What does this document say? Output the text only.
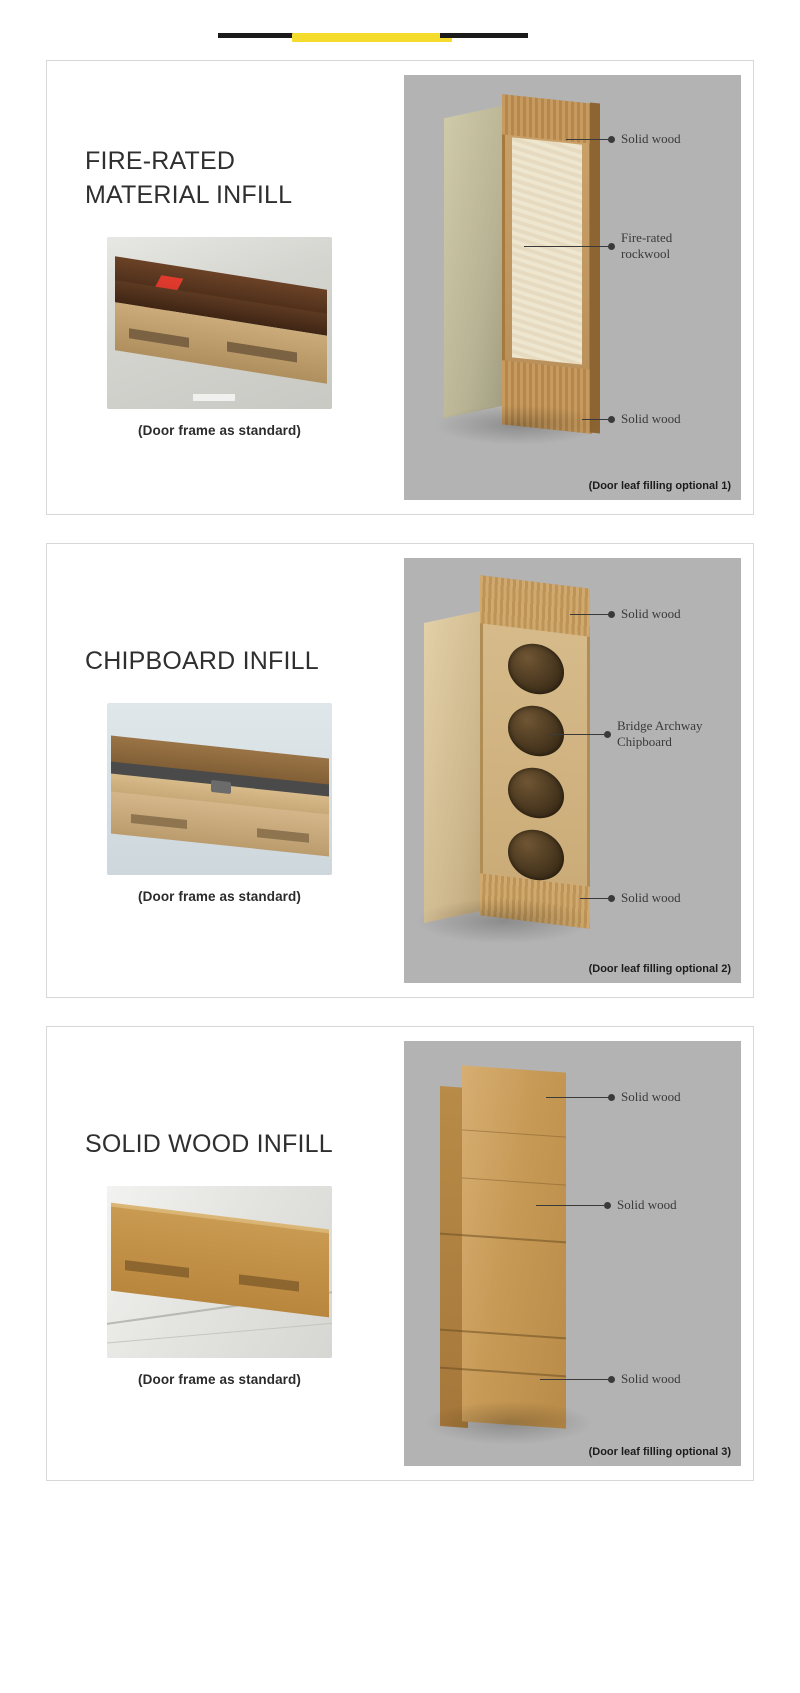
FIRE-RATED
MATERIAL INFILL
(Door frame as standard)
Solid wood
Fire-rated
rockwool
Solid wood
(Door leaf filling optional 1)
CHIPBOARD INFILL
(Door frame as standard)
Solid wood
Bridge Archway
Chipboard
Solid wood
(Door leaf filling optional 2)
SOLID WOOD INFILL
(Door frame as standard)
Solid wood
Solid wood
Solid wood
(Door leaf filling optional 3)
